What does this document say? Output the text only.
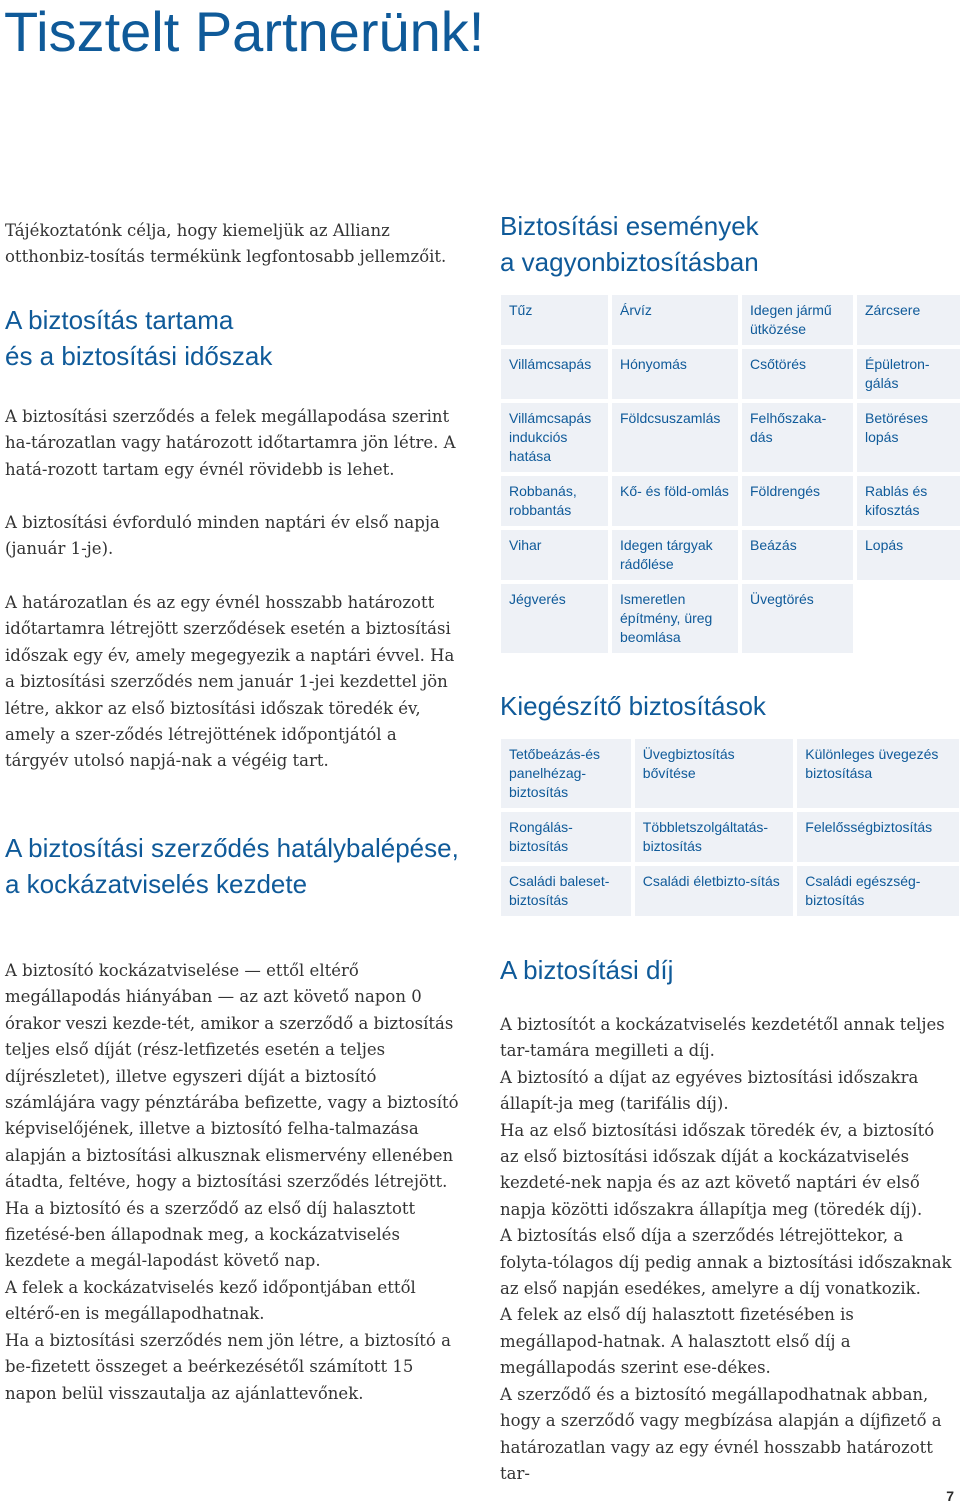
Tisztelt Partnerünk!

Tájékoztatónk célja, hogy kiemeljük az Allianz otthonbiz-tosítás termékünk legfontosabb jellemzőit.

A biztosítás tartama
és a biztosítási időszak

A biztosítási szerződés a felek megállapodása szerint ha-tározatlan vagy határozott időtartamra jön létre. A hatá-rozott tartam egy évnél rövidebb is lehet.

A biztosítási évforduló minden naptári év első napja (január 1-je).

A határozatlan és az egy évnél hosszabb határozott időtartamra létrejött szerződések esetén a biztosítási időszak egy év, amely megegyezik a naptári évvel. Ha a biztosítási szerződés nem január 1-jei kezdettel jön létre, akkor az első biztosítási időszak töredék év, amely a szer-ződés létrejöttének időpontjától a tárgyév utolsó napjá-nak a végéig tart.

A biztosítási szerződés hatálybalépése,
a kockázatviselés kezdete

A biztosító kockázatviselése — ettől eltérő megállapodás hiányában — az azt követő napon 0 órakor veszi kezde-tét, amikor a szerződő a biztosítás teljes első díját (rész-letfizetés esetén a teljes díjrészletet), illetve egyszeri díját a biztosító számlájára vagy pénztárába befizette, vagy a biztosító képviselőjének, illetve a biztosító felha-talmazása alapján a biztosítási alkusznak elismervény ellenében átadta, feltéve, hogy a biztosítási szerződés létrejött.

Ha a biztosító és a szerződő az első díj halasztott fizetésé-ben állapodnak meg, a kockázatviselés kezdete a megál-lapodást követő nap.

A felek a kockázatviselés kező időpontjában ettől eltérő-en is megállapodhatnak.

Ha a biztosítási szerződés nem jön létre, a biztosító a be-fizetett összeget a beérkezésétől számított 15 napon belül visszautalja az ajánlattevőnek.

Biztosítási események
a vagyonbiztosításban
Tűz	Árvíz	Idegen jármű ütközése	Zárcsere
Villámcsapás	Hónyomás	Csőtörés	Épületron-gálás
Villámcsapás indukciós hatása	Földcsuszamlás	Felhőszaka-dás	Betöréses lopás
Robbanás, robbantás	Kő- és föld-omlás	Földrengés	Rablás és kifosztás
Vihar	Idegen tárgyak rádőlése	Beázás	Lopás
Jégverés	Ismeretlen építmény, üreg beomlása	Üvegtörés	
Kiegészítő biztosítások
Tetőbeázás-és panelhézag-biztosítás	Üvegbiztosítás bővítése	Különleges üvegezés biztosítása
Rongálás-biztosítás	Többletszolgáltatás-biztosítás	Felelősségbiztosítás
Családi baleset-biztosítás	Családi életbizto-sítás	Családi egészség-biztosítás
A biztosítási díj

A biztosítót a kockázatviselés kezdetétől annak teljes tar-tamára megilleti a díj.

A biztosító a díjat az egyéves biztosítási időszakra állapít-ja meg (tarifális díj).

Ha az első biztosítási időszak töredék év, a biztosító az első biztosítási időszak díját a kockázatviselés kezdeté-nek napja és az azt követő naptári év első napja közötti időszakra állapítja meg (töredék díj).

A biztosítás első díja a szerződés létrejöttekor, a folyta-tólagos díj pedig annak a biztosítási időszaknak az első napján esedékes, amelyre a díj vonatkozik.

A felek az első díj halasztott fizetésében is megállapod-hatnak. A halasztott első díj a megállapodás szerint ese-dékes.

A szerződő és a biztosító megállapodhatnak abban, hogy a szerződő vagy megbízása alapján a díjfizető a határozatlan vagy az egy évnél hosszabb határozott tar-

7
